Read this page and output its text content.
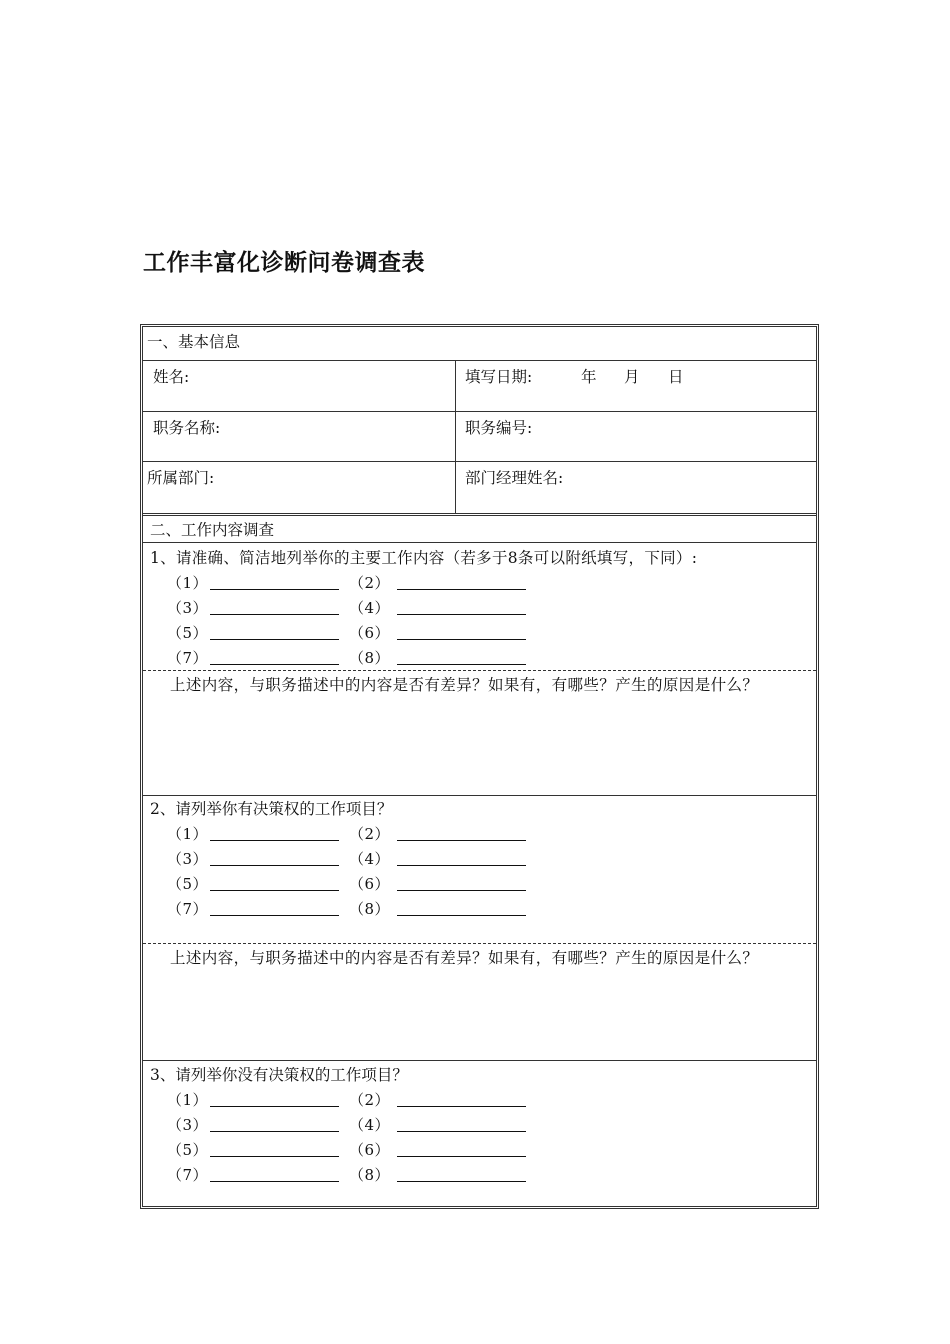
工作丰富化诊断问卷调查表
一、基本信息
姓名:	填写日期:	年 月 日
职务名称:	职务编号:
所属部门:	部门经理姓名:
二、工作内容调查
1、请准确、简洁地列举你的主要工作内容（若多于8条可以附纸填写，下同）:
（1）	（2）
（3）	（4）
（5）	（6）
（7）	（8）
上述内容，与职务描述中的内容是否有差异？如果有，有哪些？产生的原因是什么？
2、请列举你有决策权的工作项目？
（1）	（2）
（3）	（4）
（5）	（6）
（7）	（8）
上述内容，与职务描述中的内容是否有差异？如果有，有哪些？产生的原因是什么？
3、请列举你没有决策权的工作项目？
（1）	（2）
（3）	（4）
（5）	（6）
（7）	（8）
